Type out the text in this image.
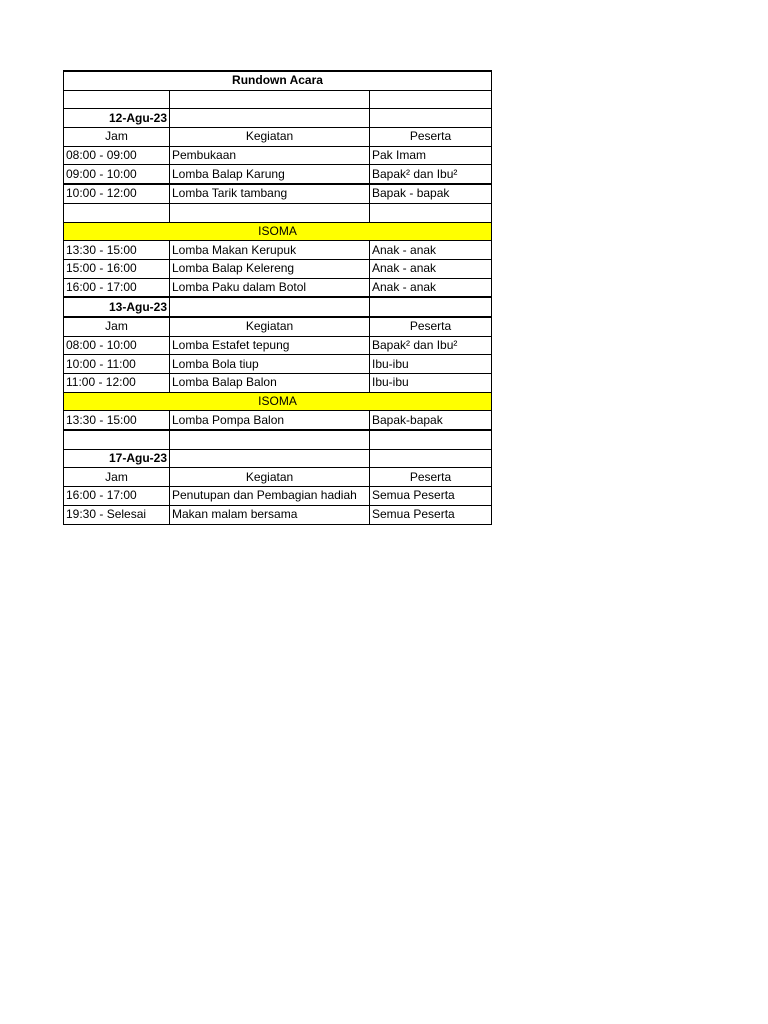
Rundown Acara		

12-Agu-23		
Jam	Kegiatan	Peserta
08:00 - 09:00	Pembukaan	Pak Imam
09:00 - 10:00	Lomba Balap Karung	Bapak² dan Ibu²
10:00 - 12:00	Lomba Tarik tambang	Bapak - bapak

ISOMA		
13:30 - 15:00	Lomba Makan Kerupuk	Anak - anak
15:00 - 16:00	Lomba Balap Kelereng	Anak - anak
16:00 - 17:00	Lomba Paku dalam Botol	Anak - anak
13-Agu-23		
Jam	Kegiatan	Peserta
08:00 - 10:00	Lomba Estafet tepung	Bapak² dan Ibu²
10:00 - 11:00	Lomba Bola tiup	Ibu-ibu
11:00 - 12:00	Lomba Balap Balon	Ibu-ibu
ISOMA		
13:30 - 15:00	Lomba Pompa Balon	Bapak-bapak

17-Agu-23		
Jam	Kegiatan	Peserta
16:00 - 17:00	Penutupan dan Pembagian hadiah	Semua Peserta
19:30 - Selesai	Makan malam bersama	Semua Peserta
